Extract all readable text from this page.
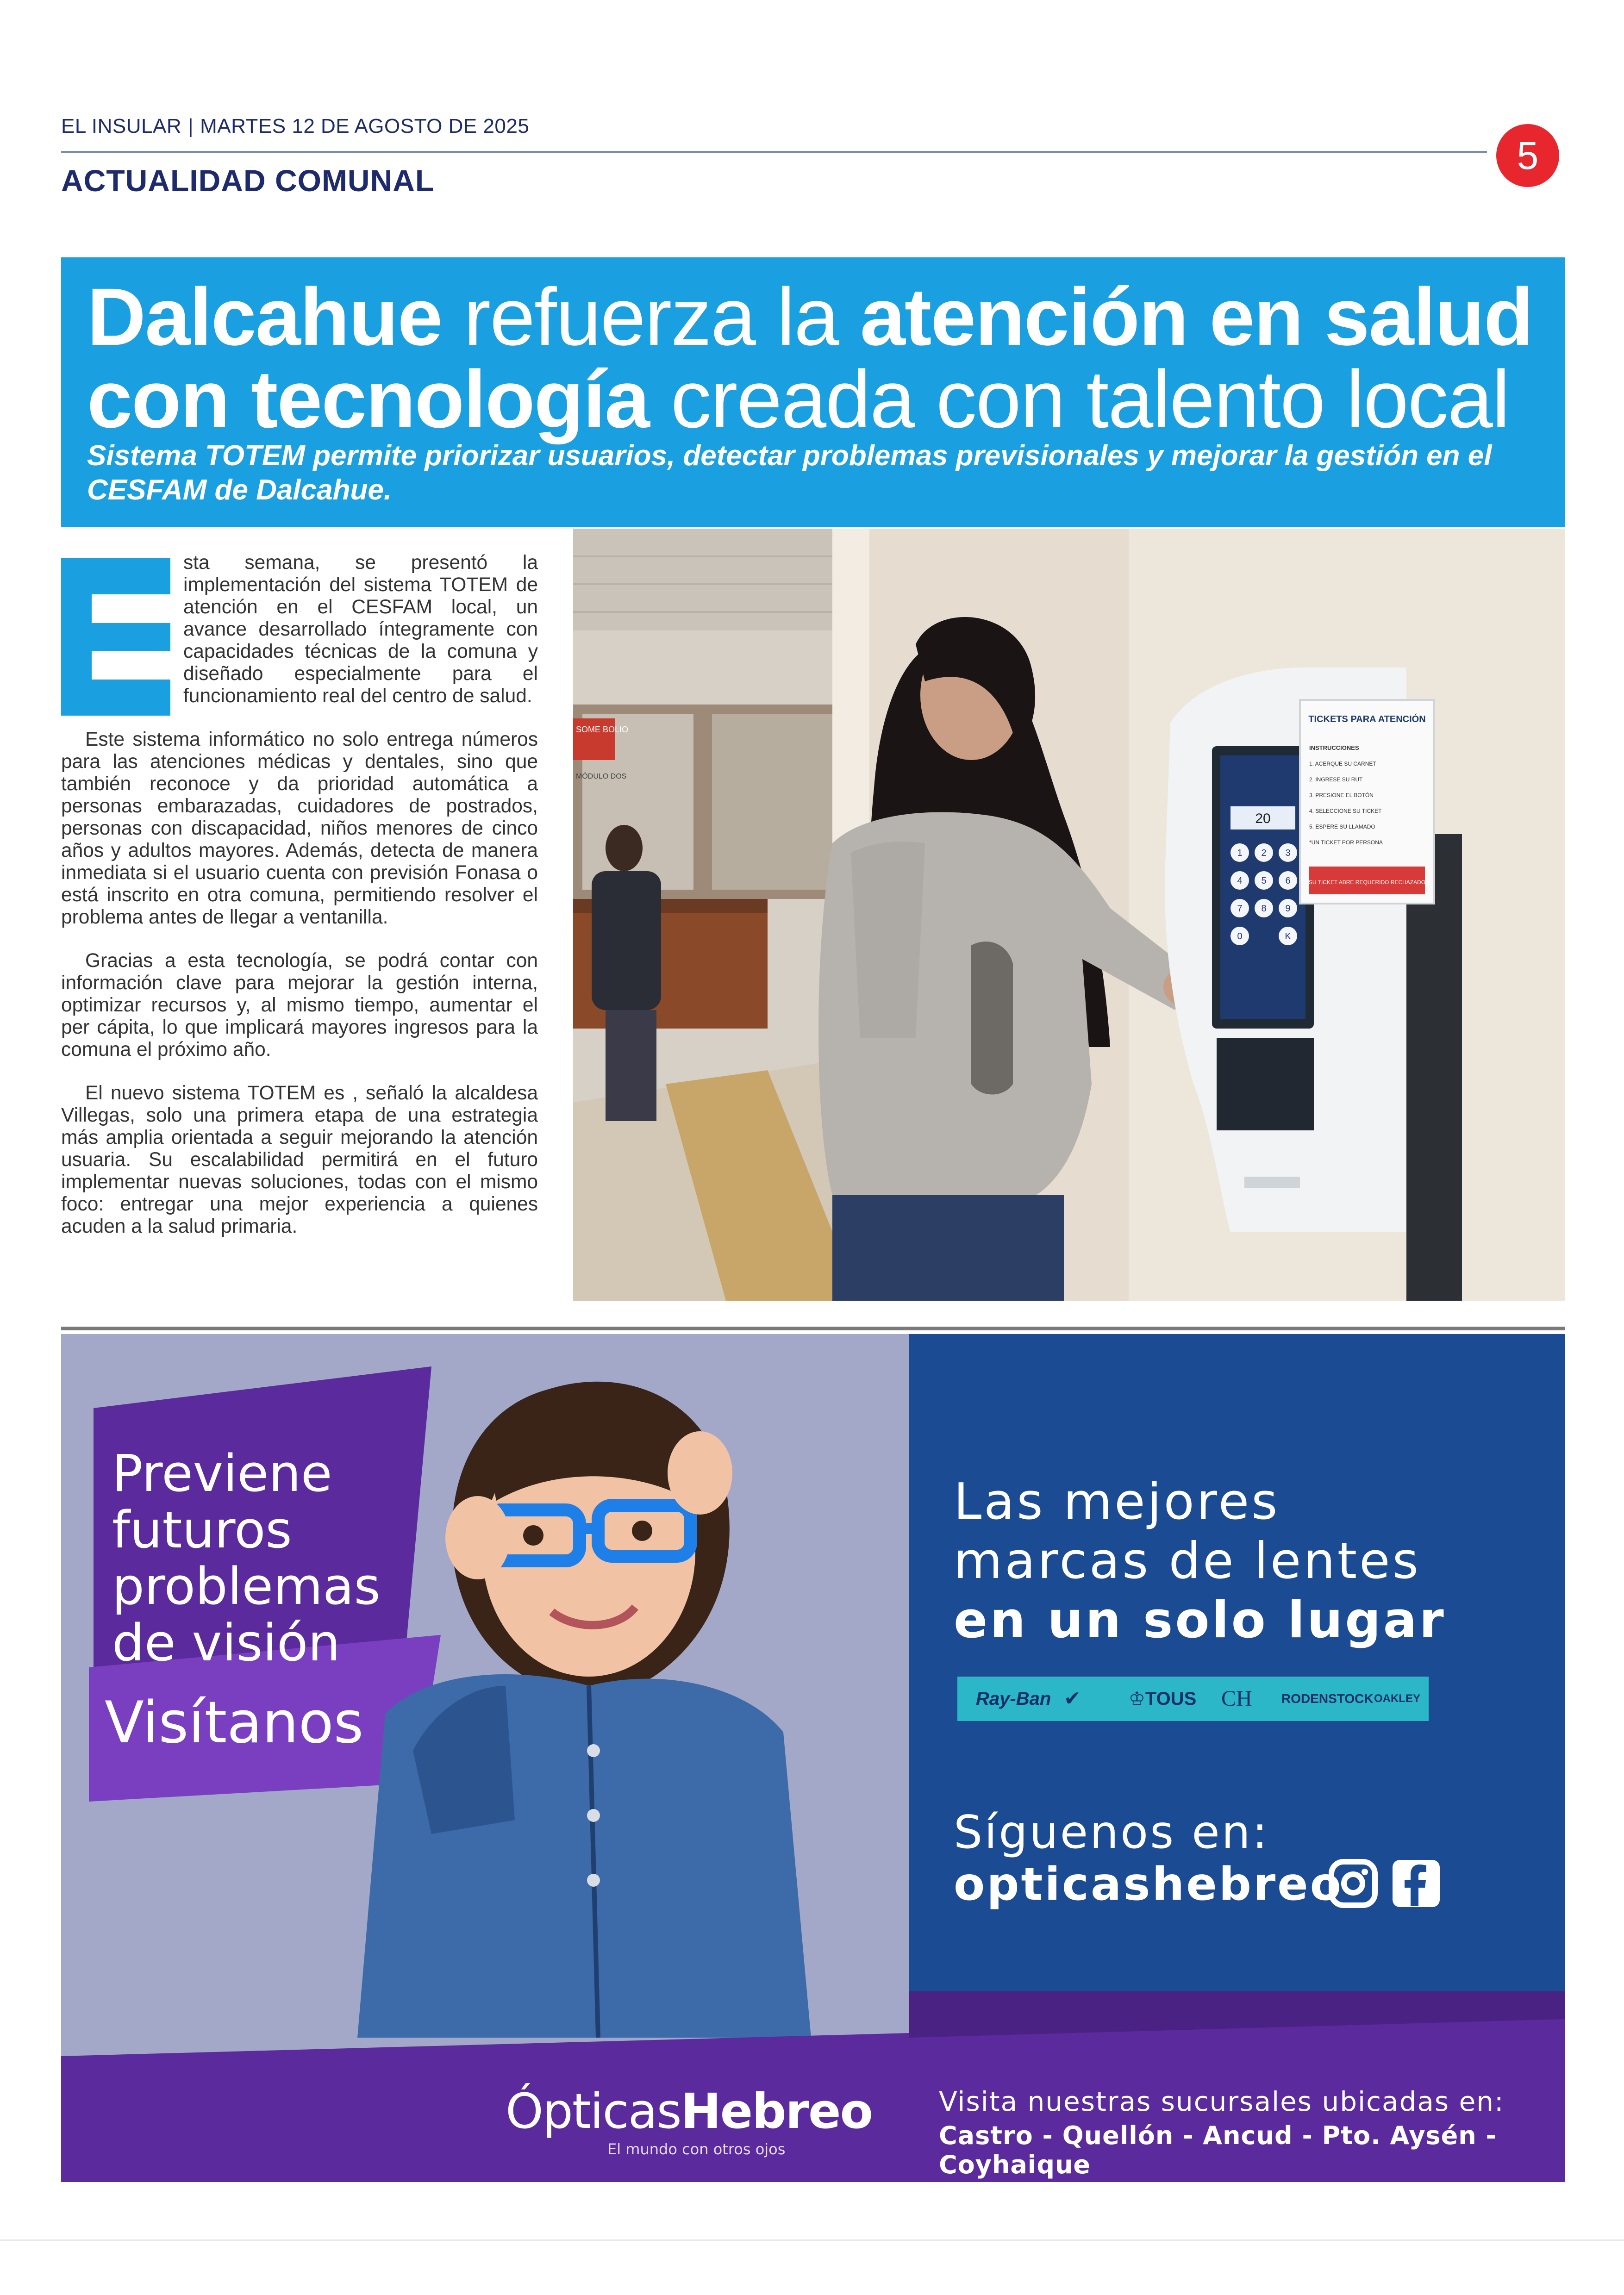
EL INSULAR | MARTES 12 DE AGOSTO DE 2025
5
ACTUALIDAD COMUNAL
Dalcahue refuerza la atención en salud
con tecnología creada con talento local

Sistema TOTEM permite priorizar usuarios, detectar problemas previsionales y mejorar la gestión en el CESFAM de Dalcahue.

sta semana, se presentó la implementación del sistema TOTEM de atención en el CESFAM local, un avance desarrollado íntegramente con capacidades técnicas de la comuna y diseñado especialmente para el funcionamiento real del centro de salud.

Este sistema informático no solo entrega números para las atenciones médicas y dentales, sino que también reconoce y da prioridad automática a personas embarazadas, cuidadores de postrados, personas con discapacidad, niños menores de cinco años y adultos mayores. Además, detecta de manera inmediata si el usuario cuenta con previsión Fonasa o está inscrito en otra comuna, permitiendo resolver el problema antes de llegar a ventanilla.

Gracias a esta tecnología, se podrá contar con información clave para mejorar la gestión interna, optimizar recursos y, al mismo tiempo, aumentar el per cápita, lo que implicará mayores ingresos para la comuna el próximo año.

El nuevo sistema TOTEM es , señaló la alcaldesa Villegas, solo una primera etapa de una estrategia más amplia orientada a seguir mejorando la atención usuaria. Su escalabilidad permitirá en el futuro implementar nuevas soluciones, todas con el mismo foco: entregar una mejor experiencia a quienes acuden a la salud primaria.

SOME BOLIO
MÓDULO DOS
20
1 2 3
4 5 6
7 8 9
0	K
TICKETS PARA ATENCIÓN
INSTRUCCIONES
1. ACERQUE SU CARNET
2. INGRESE SU RUT
3. PRESIONE EL BOTÓN
4. SELECCIONE SU TICKET
5. ESPERE SU LLAMADO
*UN TICKET POR PERSONA
SU TICKET ABRE REQUERIDO RECHAZADO
Previene
futuros
problemas
de visión
Visítanos
Las mejores
marcas de lentes
en un solo lugar
Ray-Ban ✔	♔TOUS CH RODENSTOCK OAKLEY
Síguenos en:
opticashebreo
ÓpticasHebreo
El mundo con otros ojos
Visita nuestras sucursales ubicadas en:
Castro - Quellón - Ancud - Pto. Aysén - Coyhaique
